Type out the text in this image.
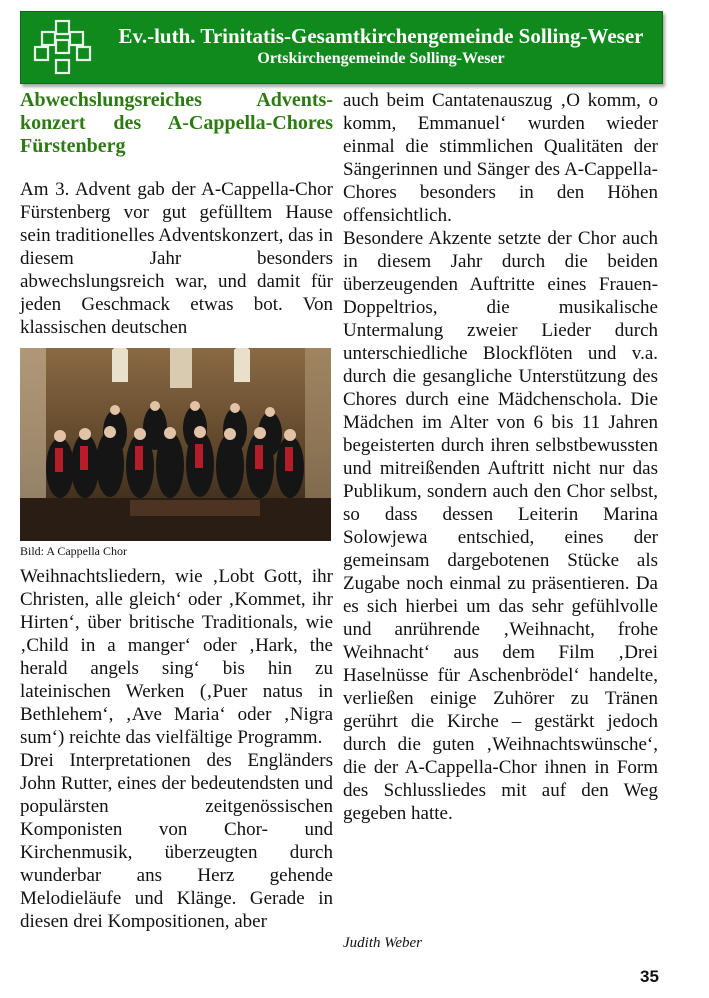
Ev.-luth. Trinitatis-Gesamtkirchengemeinde Solling-Weser
Ortskirchengemeinde Solling-Weser
Abwechslungsreiches Advents-konzert des A-Cappella-Chores Fürstenberg

Am 3. Advent gab der A-Cappella-Chor Fürstenberg vor gut gefülltem Hause sein traditionelles Adventskonzert, das in diesem Jahr besonders abwechslungsreich war, und damit für jeden Geschmack etwas bot. Von klassischen deutschen

Bild: A Cappella Chor

Weihnachtsliedern, wie ‚Lobt Gott, ihr Christen, alle gleich‘ oder ‚Kommet, ihr Hirten‘, über britische Traditionals, wie ‚Child in a manger‘ oder ‚Hark, the herald angels sing‘ bis hin zu lateinischen Werken (‚Puer natus in Bethlehem‘, ‚Ave Maria‘ oder ‚Nigra sum‘) reichte das vielfältige Programm.

Drei Interpretationen des Engländers John Rutter, eines der bedeutendsten und populärsten zeitgenössischen Komponisten von Chor- und Kirchenmusik, überzeugten durch wunderbar ans Herz gehende Melodieläufe und Klänge. Gerade in diesen drei Kompositionen, aber

auch beim Cantatenauszug ‚O komm, o komm, Emmanuel‘ wurden wieder einmal die stimmlichen Qualitäten der Sängerinnen und Sänger des A-Cappella-Chores besonders in den Höhen offensichtlich.

Besondere Akzente setzte der Chor auch in diesem Jahr durch die beiden überzeugenden Auftritte eines Frauen-Doppeltrios, die musikalische Untermalung zweier Lieder durch unterschiedliche Blockflöten und v.a. durch die gesangliche Unterstützung des Chores durch eine Mädchenschola. Die Mädchen im Alter von 6 bis 11 Jahren begeisterten durch ihren selbstbewussten und mitreißenden Auftritt nicht nur das Publikum, sondern auch den Chor selbst, so dass dessen Leiterin Marina Solowjewa entschied, eines der gemeinsam dargebotenen Stücke als Zugabe noch einmal zu präsentieren. Da es sich hierbei um das sehr gefühlvolle und anrührende ‚Weihnacht, frohe Weihnacht‘ aus dem Film ‚Drei Haselnüsse für Aschenbrödel‘ handelte, verließen einige Zuhörer zu Tränen gerührt die Kirche – gestärkt jedoch durch die guten ‚Weihnachtswünsche‘, die der A-Cappella-Chor ihnen in Form des Schlussliedes mit auf den Weg gegeben hatte.

Judith Weber
35
